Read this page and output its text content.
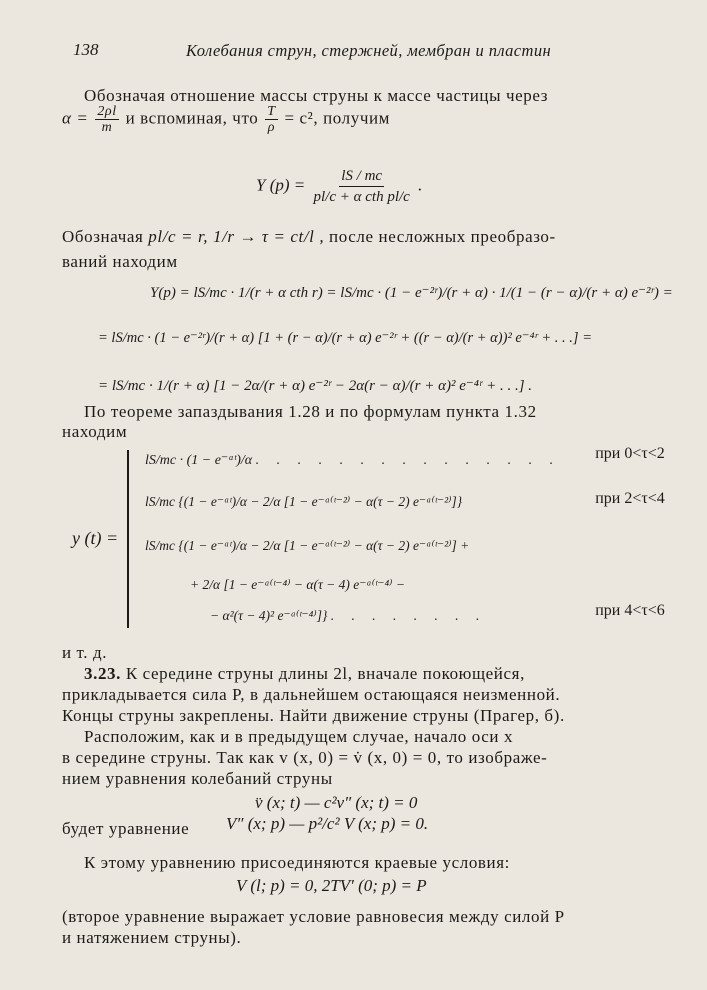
138	Колебания струн, стержней, мембран и пластин
Обозначая отношение массы струны к массе частицы через
$\alpha = \frac{2\rho l}{m}$ и вспоминая, что $\frac{T}{\rho} = c^2$, получим
Y $(p) = \frac{lS / mc}{\text{pl/c + α cth pl/c}}$ .
Обозначая pl/c = r, 1/r → τ = ct/l , после несложных преобразо-
ваний находим
Y(p) = lS/mc · 1/(r + α cth r) = lS/mc · (1 − e⁻²ʳ)/(r + α) · 1/(1 − (r − α)/(r + α) e⁻²ʳ) =
= lS/mc · (1 − e⁻²ʳ)/(r + α) [1 + (r − α)/(r + α) e⁻²ʳ + ((r − α)/(r + α))² e⁻⁴ʳ + . . .] =
= lS/mc · 1/(r + α) [1 − 2α/(r + α) e⁻²ʳ − 2α(r − α)/(r + α)² e⁻⁴ʳ + . . .] .
По теореме запаздывания 1.28 и по формулам пункта 1.32
находим
y (t) =
lS/mc · (1 − e⁻ᵃᵗ)/α . . . . . . . . . . . . . . .	при 0<τ<2
lS/mc {(1 − e⁻ᵃᵗ)/α − 2/α [1 − e⁻ᵃ⁽ᵗ⁻²⁾ − α(τ − 2) e⁻ᵃ⁽ᵗ⁻²⁾]}	при 2<τ<4
lS/mc {(1 − e⁻ᵃᵗ)/α − 2/α [1 − e⁻ᵃ⁽ᵗ⁻²⁾ − α(τ − 2) e⁻ᵃ⁽ᵗ⁻²⁾] +
+ 2/α [1 − e⁻ᵃ⁽ᵗ⁻⁴⁾ − α(τ − 4) e⁻ᵃ⁽ᵗ⁻⁴⁾ −
− α²(τ − 4)² e⁻ᵃ⁽ᵗ⁻⁴⁾]} . . . . . . . .	при 4<τ<6
и т. д.
3.23. К середине струны длины 2l, вначале покоющейся,
прикладывается сила P, в дальнейшем остающаяся неизменной.
Концы струны закреплены. Найти движение струны (Прагер, б).
Расположим, как и в предыдущем случае, начало оси x
в середине струны. Так как v (x, 0) = v̇ (x, 0) = 0, то изображе-
нием уравнения колебаний струны
v̈ (x; t) — c²v″ (x; t) = 0
будет уравнение	V″ (x; p) — p²/c² V (x; p) = 0.
К этому уравнению присоединяются краевые условия:
V (l; p) = 0, 2TV′ (0; p) = P
(второе уравнение выражает условие равновесия между силой P
и натяжением струны).
